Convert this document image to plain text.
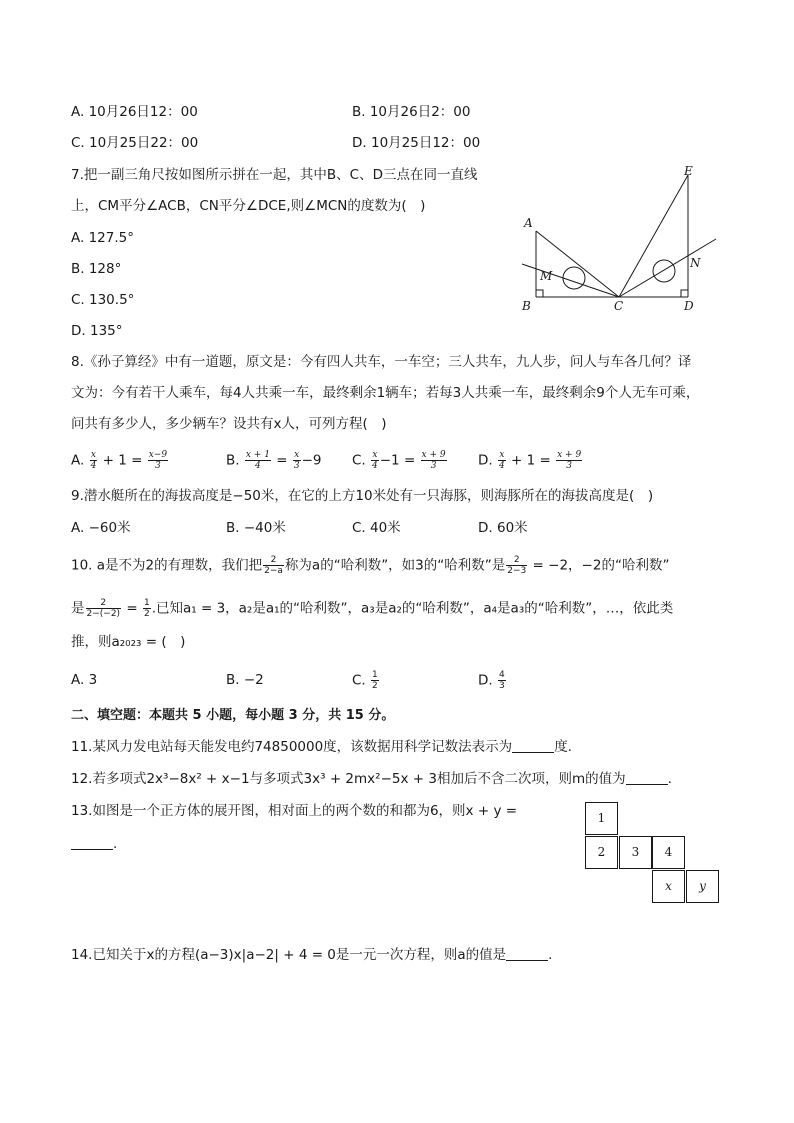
A. 10月26日12：00	B. 10月26日2：00
C. 10月25日22：00	D. 10月25日12：00
7.把一副三角尺按如图所示拼在一起，其中B、C、D三点在同一直线
上，CM平分∠ACB，CN平分∠DCE,则∠MCN的度数为(　)
A. 127.5°
B. 128°
C. 130.5°
D. 135°
A
B	C	D
E
M
N
8.《孙子算经》中有一道题，原文是：今有四人共车，一车空；三人共车，九人步，问人与车各几何？译
文为：今有若干人乘车，每4人共乘一车，最终剩余1辆车；若每3人共乘一车，最终剩余9个人无车可乘，
问共有多少人，多少辆车？设共有x人，可列方程(　)
A. $\frac{x}{4} + 1 = \frac{x-9}{3}$	B. $\frac{x + 1}{4} = \frac{x}{3} -9$ C. $\frac{x}{4} -1 = \frac{x + 9}{3} D$. $\frac{x}{4} + 1 = \frac{x + 9}{3}$
9.潜水艇所在的海拔高度是−50米，在它的上方10米处有一只海豚，则海豚所在的海拔高度是(　)
A. −60米	B. −40米	C. 40米	D. 60米
10. a是不为2的有理数，我们把 $\frac{2}{2-a}$ 称为a的“哈利数”，如3的“哈利数”是 $\frac{2}{2-3} = -2$，−2的“哈利数”
是 $\frac{2}{2-(-2)} = \frac{1}{2}$ .已知a₁ = 3，a₂是a₁的“哈利数”，a₃是a₂的“哈利数”，a₄是a₃的“哈利数”，…，依此类
推，则a₂₀₂₃ = (　)
A. 3	B. −2	C. $\frac{1}{2}$	D. $\frac{4}{3}$
二、填空题：本题共 5 小题，每小题 3 分，共 15 分。
11.某风力发电站每天能发电约74850000度，该数据用科学记数法表示为	度.
12.若多项式2x³−8x² + x−1与多项式3x³ + 2mx²−5x + 3相加后不含二次项，则m的值为	.
13.如图是一个正方体的展开图，相对面上的两个数的和都为6，则x + y =
.
1
2	3	4
x	y
14.已知关于x的方程(a−3)x|a−2| + 4 = 0是一元一次方程，则a的值是	.
